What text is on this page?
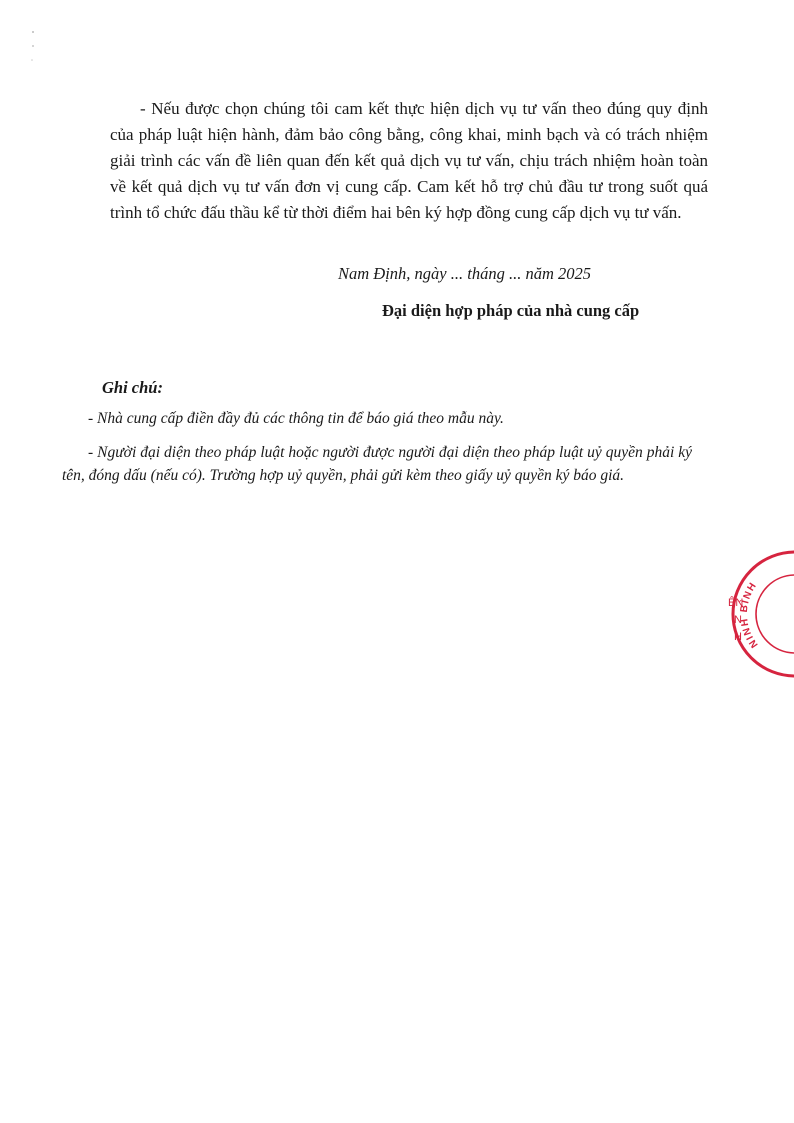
- Nếu được chọn chúng tôi cam kết thực hiện dịch vụ tư vấn theo đúng quy định của pháp luật hiện hành, đảm bảo công bằng, công khai, minh bạch và có trách nhiệm giải trình các vấn đề liên quan đến kết quả dịch vụ tư vấn, chịu trách nhiệm hoàn toàn về kết quả dịch vụ tư vấn đơn vị cung cấp. Cam kết hỗ trợ chủ đầu tư trong suốt quá trình tổ chức đấu thầu kể từ thời điểm hai bên ký hợp đồng cung cấp dịch vụ tư vấn.

Nam Định, ngày ... tháng ... năm 2025

Đại diện hợp pháp của nhà cung cấp

Ghi chú:

- Nhà cung cấp điền đầy đủ các thông tin để báo giá theo mẫu này.

- Người đại diện theo pháp luật hoặc người được người đại diện theo pháp luật uỷ quyền phải ký tên, đóng dấu (nếu có). Trường hợp uỷ quyền, phải gửi kèm theo giấy uỷ quyền ký báo giá.

NINH BÌNH
ÊN
N
H
